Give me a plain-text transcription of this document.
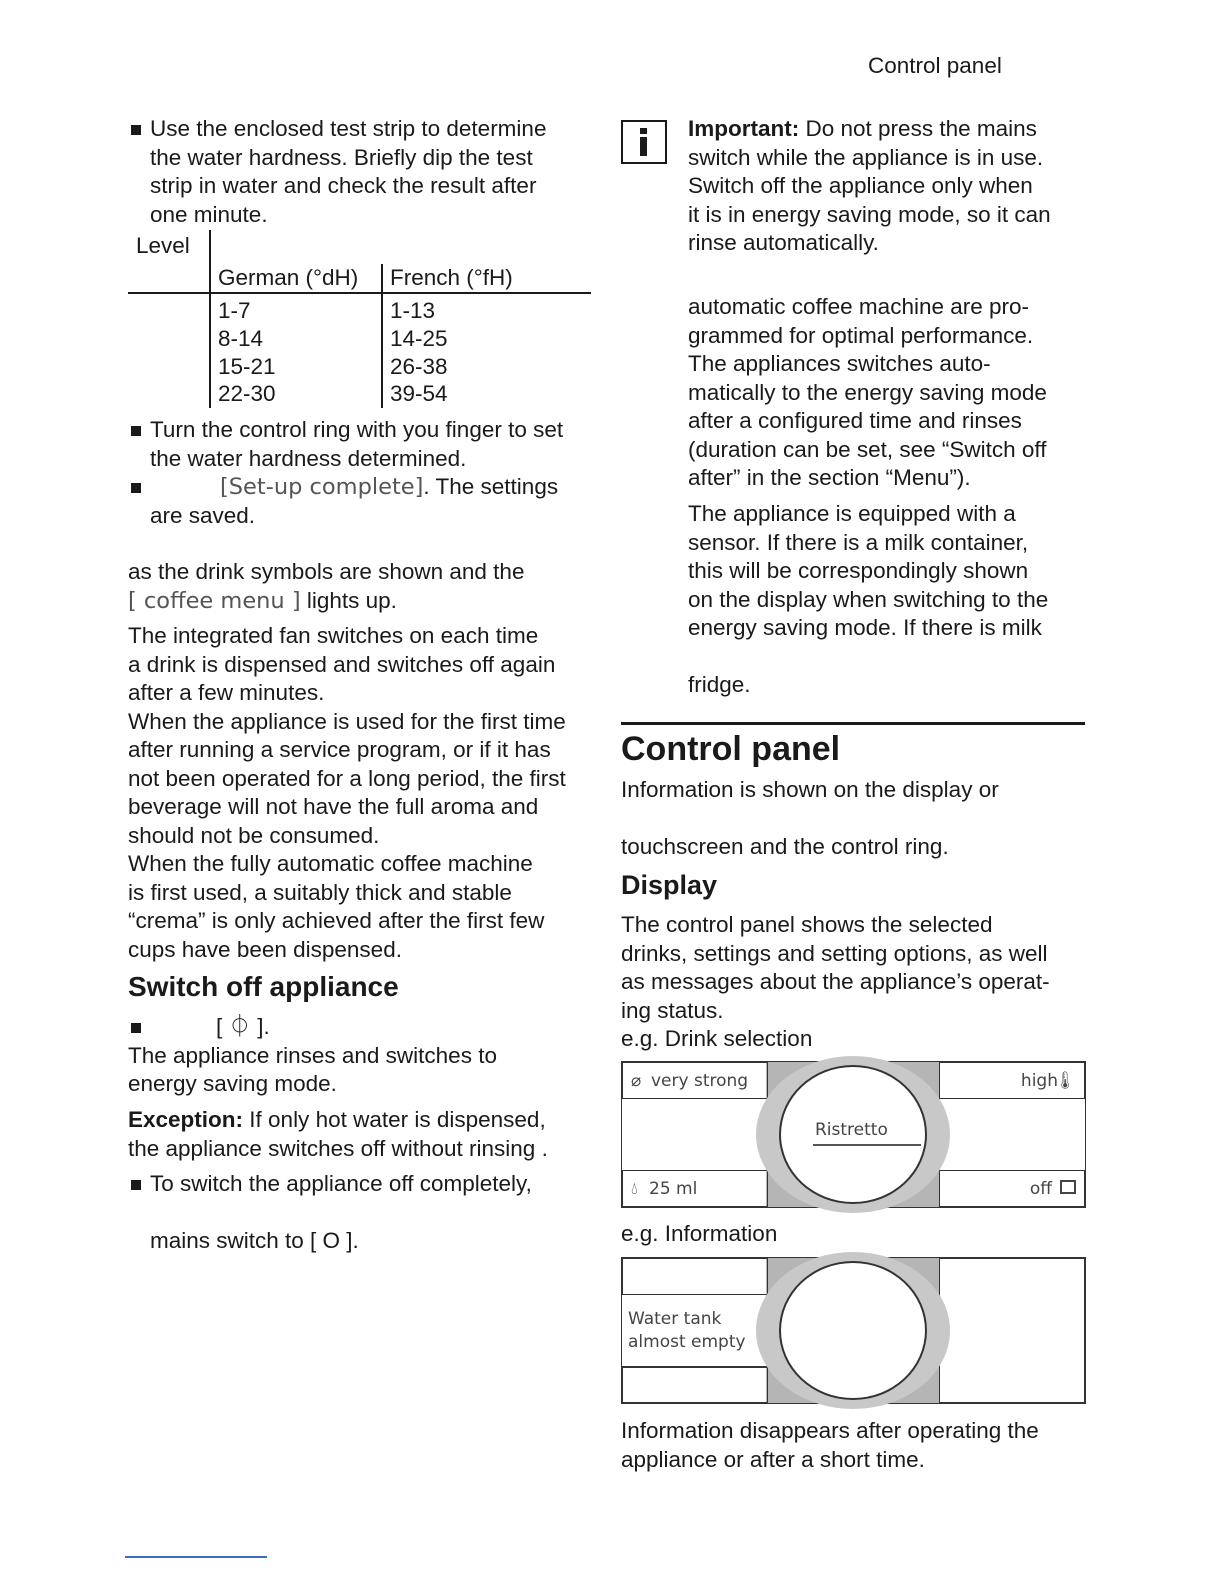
Control panel
Use the enclosed test strip to determine
the water hardness. Briefly dip the test
strip in water and check the result after
one minute.
Level
German (°dH) French (°fH)
1-7
8-14
15-21
22-30
1-13
14-25
26-38
39-54
Turn the control ring with you finger to set
the water hardness determined.
[Set-up complete]. The settings
are saved.
as the drink symbols are shown and the
[ coffee menu ] lights up.
The integrated fan switches on each time
a drink is dispensed and switches off again
after a few minutes.
When the appliance is used for the first time
after running a service program, or if it has
not been operated for a long period, the first
beverage will not have the full aroma and
should not be consumed.
When the fully automatic coffee machine
is first used, a suitably thick and stable
“crema” is only achieved after the first few
cups have been dispensed.
Switch off appliance
[ ⏀ ].
The appliance rinses and switches to
energy saving mode.
Exception: If only hot water is dispensed,
the appliance switches off without rinsing .
To switch the appliance off completely,
mains switch to [ O ].
Important: Do not press the mains
switch while the appliance is in use.
Switch off the appliance only when
it is in energy saving mode, so it can
rinse automatically.
automatic coffee machine are pro-
grammed for optimal performance.
The appliances switches auto-
matically to the energy saving mode
after a configured time and rinses
(duration can be set, see “Switch off
after” in the section “Menu”).
The appliance is equipped with a
sensor. If there is a milk container,
this will be correspondingly shown
on the display when switching to the
energy saving mode. If there is milk
fridge.
Control panel
Information is shown on the display or
touchscreen and the control ring.
Display
The control panel shows the selected
drinks, settings and setting options, as well
as messages about the appliance’s operat-
ing status.
e.g. Drink selection
⌀ very strong
💧︎ 25 ml
high
🌡︎
off
Ristretto
e.g. Information
Water tank
almost empty
Information disappears after operating the
appliance or after a short time.
